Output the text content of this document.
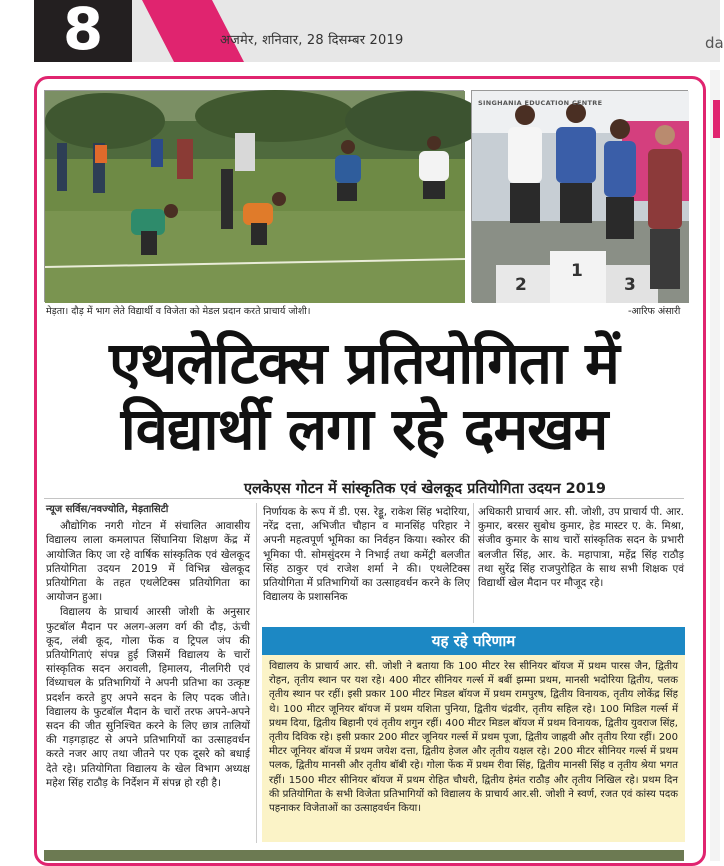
8	अजमेर, शनिवार, 28 दिसम्बर 2019	da
SINGHANIA EDUCATION CENTRE
2
1
3
मेड़ता। दौड़ में भाग लेते विद्यार्थी व विजेता को मेडल प्रदान करते प्राचार्य जोशी।	-आरिफ अंसारी
एथलेटिक्स प्रतियोगिता में
विद्यार्थी लगा रहे दमखम
एलकेएस गोटन में सांस्कृतिक एवं खेलकूद प्रतियोगिता उदयन 2019
न्यूज सर्विस/नवज्योति, मेड़तासिटी

औद्योगिक नगरी गोटन में संचालित आवासीय विद्यालय लाला कमलापत सिंघानिया शिक्षण केंद्र में आयोजित किए जा रहे वार्षिक सांस्कृतिक एवं खेलकूद प्रतियोगिता उदयन 2019 में विभिन्न खेलकूद प्रतियोगिता के तहत एथलेटिक्स प्रतियोगिता का आयोजन हुआ।

विद्यालय के प्राचार्य आरसी जोशी के अनुसार फुटबॉल मैदान पर अलग-अलग वर्ग की दौड़, ऊंची कूद, लंबी कूद, गोला फेंक व ट्रिपल जंप की प्रतियोगिताएं संपन्न हुई जिसमें विद्यालय के चारों सांस्कृतिक सदन अरावली, हिमालय, नीलगिरी एवं विंध्याचल के प्रतिभागियों ने अपनी प्रतिभा का उत्कृष्ट प्रदर्शन करते हुए अपने सदन के लिए पदक जीते। विद्यालय के फुटबॉल मैदान के चारों तरफ अपने-अपने सदन की जीत सुनिश्चित करने के लिए छात्र तालियों की गड़गड़ाहट से अपने प्रतिभागियों का उत्साहवर्धन करते नजर आए तथा जीतने पर एक दूसरे को बधाई देते रहे। प्रतियोगिता विद्यालय के खेल विभाग अध्यक्ष महेश सिंह राठौड़ के निर्देशन में संपन्न हो रही है।

निर्णायक के रूप में डी. एस. रेड्डू, राकेश सिंह भदोरिया, नरेंद्र दत्ता, अभिजीत चौहान व मानसिंह परिहार ने अपनी महत्वपूर्ण भूमिका का निर्वहन किया। स्कोरर की भूमिका पी. सोमसुंदरम ने निभाई तथा कमेंट्री बलजीत सिंह ठाकुर एवं राजेश शर्मा ने की। एथलेटिक्स प्रतियोगिता में प्रतिभागियों का उत्साहवर्धन करने के लिए विद्यालय के प्रशासनिक

अधिकारी प्राचार्य आर. सी. जोशी, उप प्राचार्य पी. आर. कुमार, बरसर सुबोध कुमार, हेड मास्टर ए. के. मिश्रा, संजीव कुमार के साथ चारों सांस्कृतिक सदन के प्रभारी बलजीत सिंह, आर. के. महापात्रा, महेंद्र सिंह राठौड़ तथा सुरेंद्र सिंह राजपुरोहित के साथ सभी शिक्षक एवं विद्यार्थी खेल मैदान पर मौजूद रहे।

यह रहे परिणाम
विद्यालय के प्राचार्य आर. सी. जोशी ने बताया कि 100 मीटर रेस सीनियर बॉयज में प्रथम पारस जैन, द्वितीय रोहन, तृतीय स्थान पर यश रहे। 400 मीटर सीनियर गर्ल्स में बबीं झम्मा प्रथम, मानसी भदोरिया द्वितीय, पलक तृतीय स्थान पर रहीं। इसी प्रकार 100 मीटर मिडल बॉयज में प्रथम रामपुरष, द्वितीय विनायक, तृतीय लोकेंद्र सिंह थे। 100 मीटर जूनियर बॉयज में प्रथम यशिता पुनिया, द्वितीय चंद्रवीर, तृतीय सहिल रहे। 100 मिडिल गर्ल्स में प्रथम दिया, द्वितीय बिहानी एवं तृतीय शगुन रहीं। 400 मीटर मिडल बॉयज में प्रथम विनायक, द्वितीय युवराज सिंह, तृतीय दिविक रहे। इसी प्रकार 200 मीटर जूनियर गर्ल्स में प्रथम पूजा, द्वितीय जाह्नवी और तृतीय रिया रहीं। 200 मीटर जूनियर बॉयज में प्रथम जयेश दत्ता, द्वितीय हेजल और तृतीय यक्षल रहे। 200 मीटर सीनियर गर्ल्स में प्रथम पलक, द्वितीय मानसी और तृतीय बॉबी रहे। गोला फेंक में प्रथम रीवा सिंह, द्वितीय मानसी सिंह व तृतीय श्रेया भगत रहीं। 1500 मीटर सीनियर बॉयज में प्रथम रोहित चौधरी, द्वितीय हेमंत राठौड़ और तृतीय निखिल रहे। प्रथम दिन की प्रतियोगिता के सभी विजेता प्रतिभागियों को विद्यालय के प्राचार्य आर.सी. जोशी ने स्वर्ण, रजत एवं कांस्य पदक पहनाकर विजेताओं का उत्साहवर्धन किया।
